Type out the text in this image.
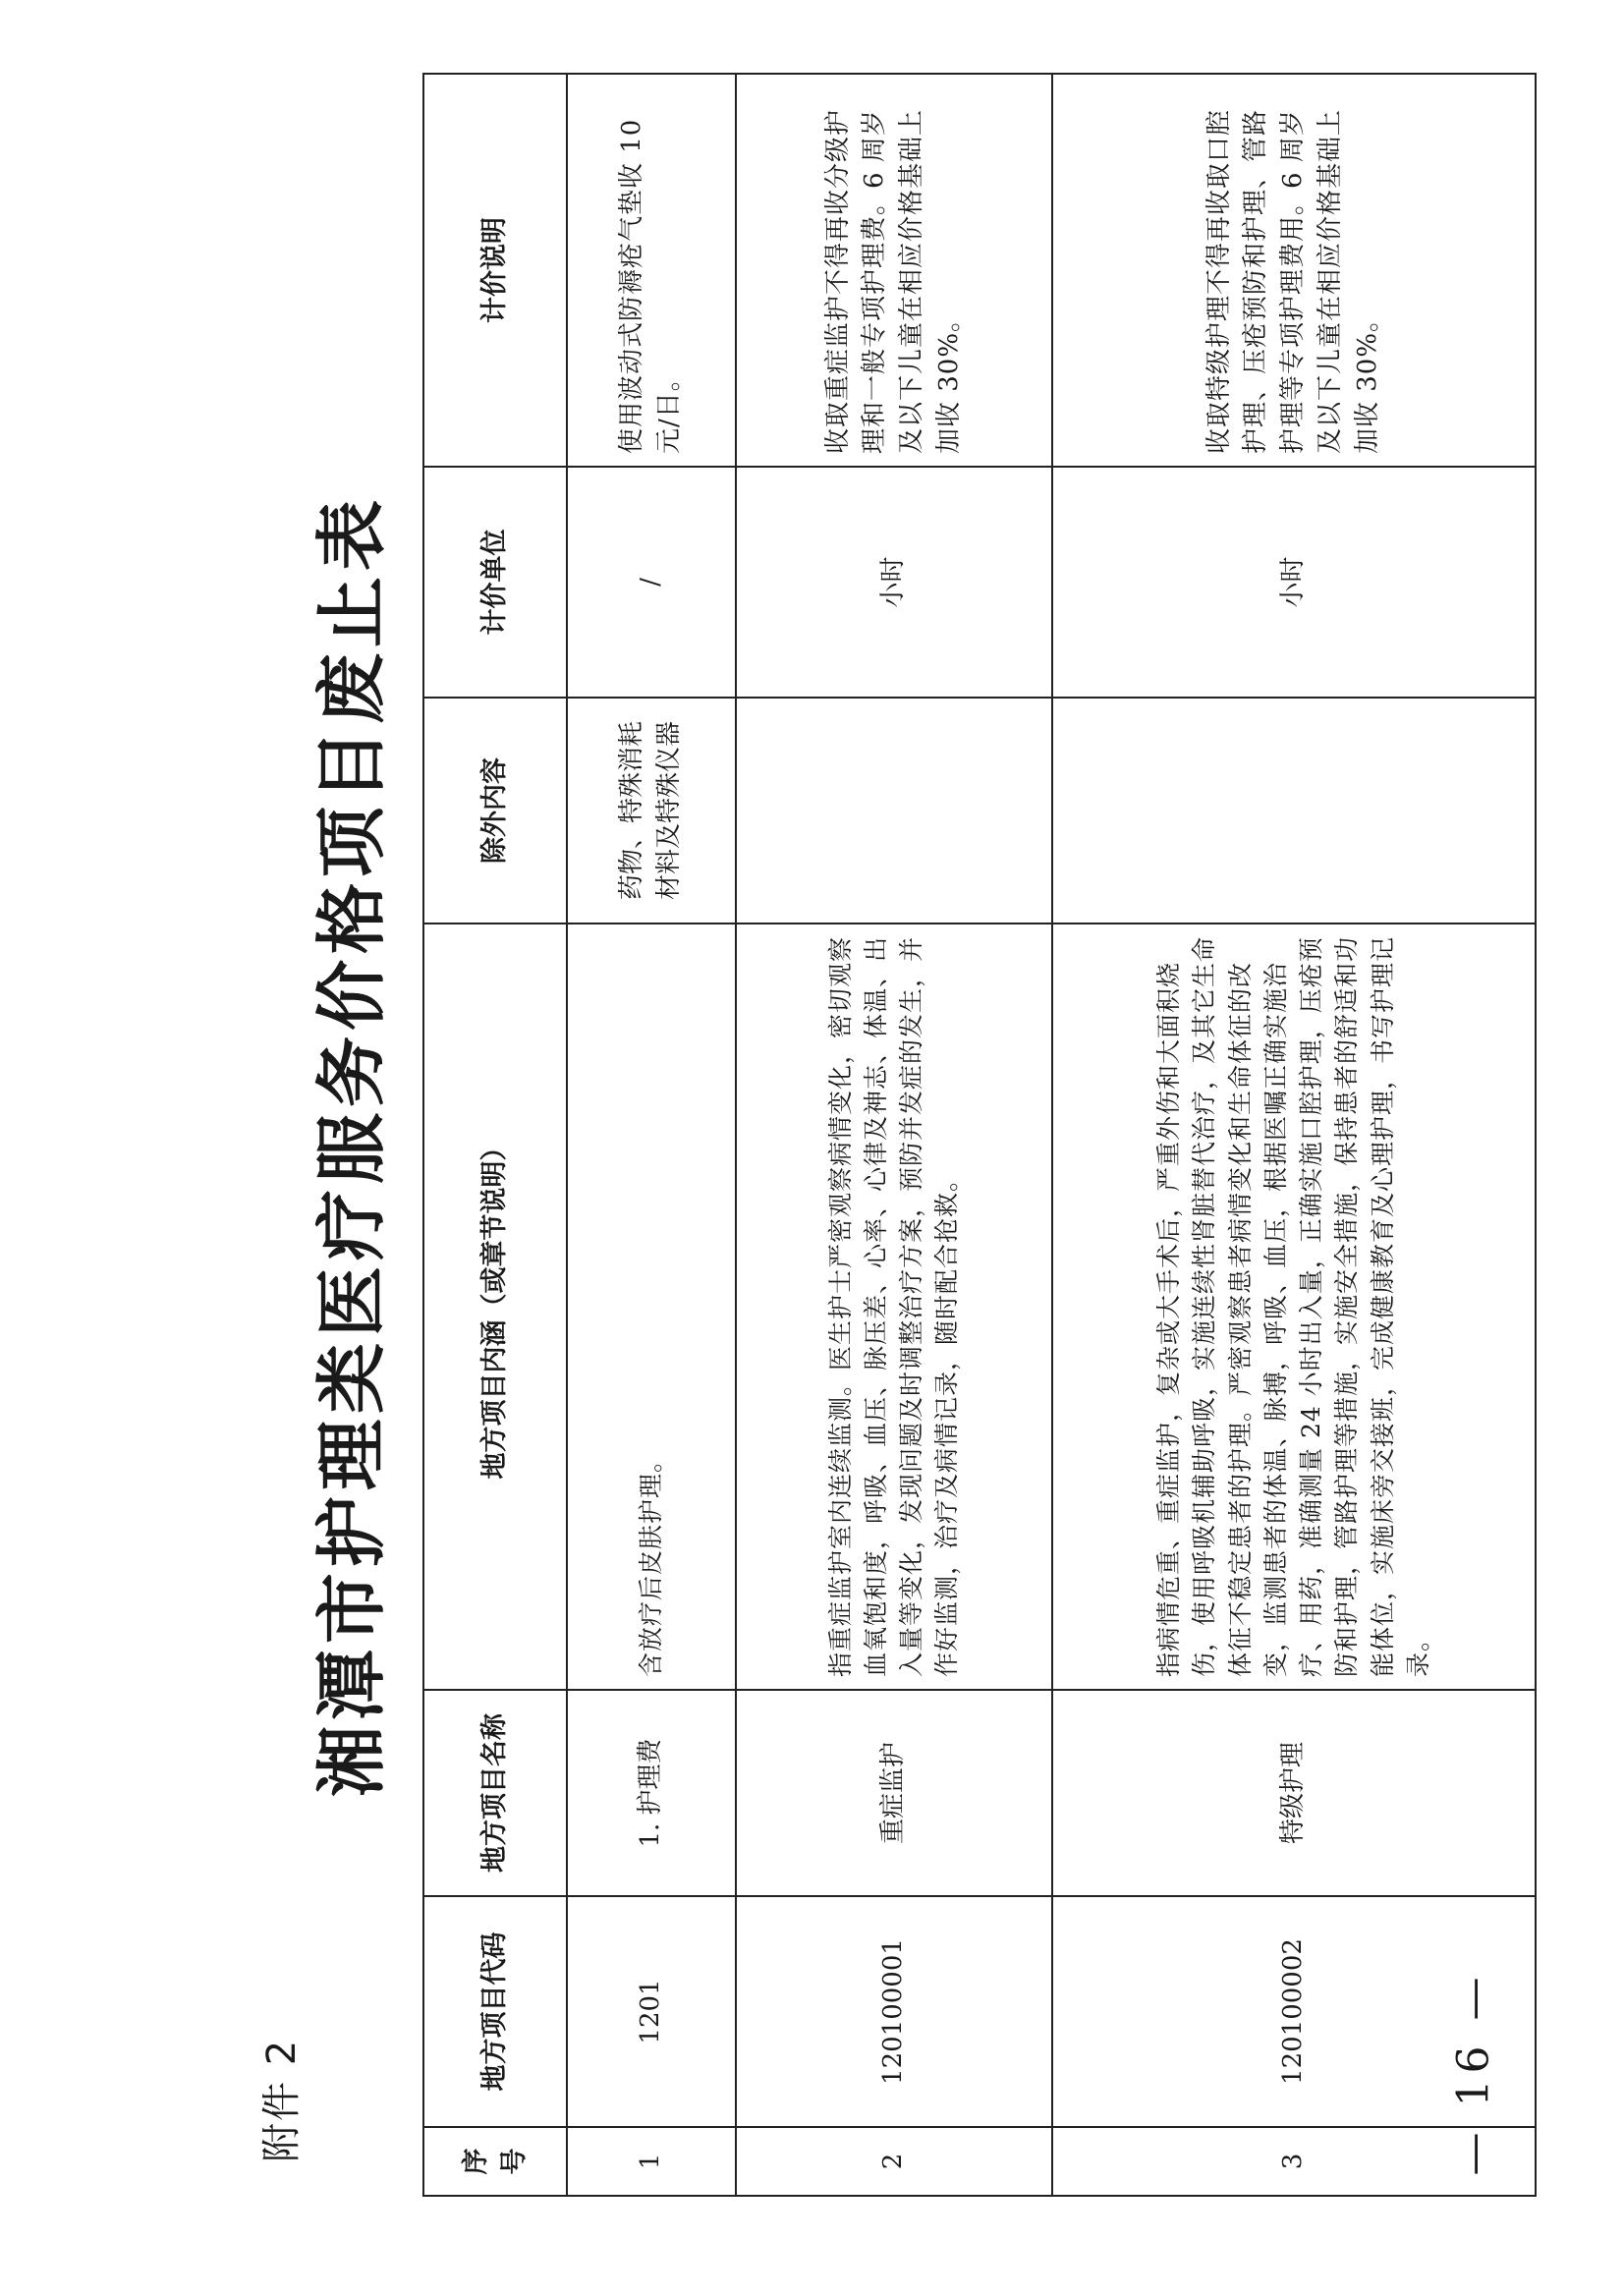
附件 2
湘潭市护理类医疗服务价格项目废止表
序号	地方项目代码	地方项目名称	地方项目内涵（或章节说明）	除外内容	计价单位	计价说明
1	1201	1. 护理费	含放疗后皮肤护理。	药物、特殊消耗材料及特殊仪器	/	使用波动式防褥疮气垫收 10 元/日。
2	120100001	重症监护	指重症监护室内连续监测。医生护士严密观察病情变化，密切观察血氧饱和度，呼吸、血压、脉压差、心率、心律及神志、体温、出入量等变化，发现问题及时调整治疗方案，预防并发症的发生，并作好监测，治疗及病情记录，随时配合抢救。		小时	收取重症监护不得再收分级护理和一般专项护理费。6 周岁及以下儿童在相应价格基础上加收 30%。
3	120100002	特级护理	指病情危重、重症监护，复杂或大手术后，严重外伤和大面积烧伤，使用呼吸机辅助呼吸，实施连续性肾脏替代治疗，及其它生命体征不稳定患者的护理。严密观察患者病情变化和生命体征的改变，监测患者的体温、脉搏，呼吸、血压，根据医嘱正确实施治疗、用药，准确测量 24 小时出入量，正确实施口腔护理，压疮预防和护理，管路护理等措施，实施安全措施，保持患者的舒适和功能体位，实施床旁交接班，完成健康教育及心理护理，书写护理记录。		小时	收取特级护理不得再收取口腔护理、压疮预防和护理、管路护理等专项护理费用。6 周岁及以下儿童在相应价格基础上加收 30%。
— 16 —
